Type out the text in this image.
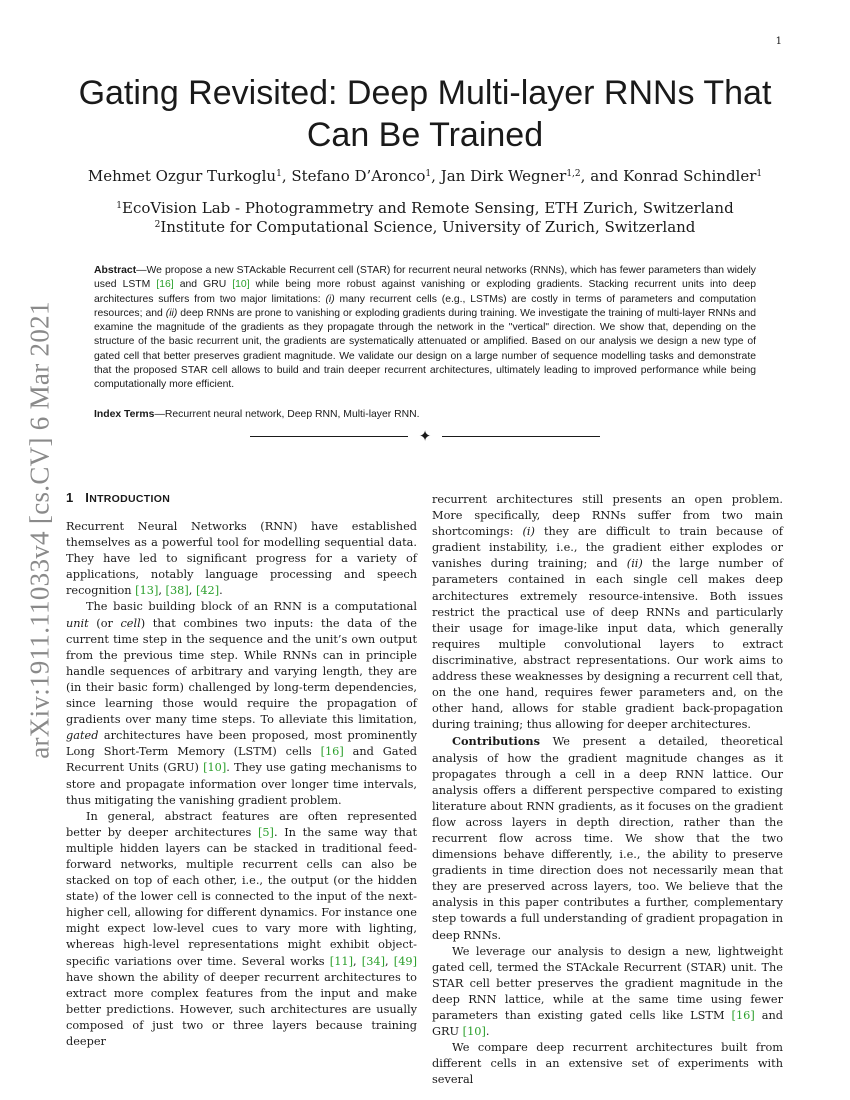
1
arXiv:1911.11033v4 [cs.CV] 6 Mar 2021
Gating Revisited: Deep Multi-layer RNNs That
Can Be Trained
Mehmet Ozgur Turkoglu$^1$, Stefano D’Aronco$^1$, Jan Dirk Wegner$^{1,2}$, and Konrad Schindler$^1$
$^1$EcoVision Lab - Photogrammetry and Remote Sensing, ETH Zurich, Switzerland
$^2$Institute for Computational Science, University of Zurich, Switzerland
Abstract—We propose a new STAckable Recurrent cell (STAR) for recurrent neural networks (RNNs), which has fewer parameters than widely used LSTM [16] and GRU [10] while being more robust against vanishing or exploding gradients. Stacking recurrent units into deep architectures suffers from two major limitations: (i) many recurrent cells (e.g., LSTMs) are costly in terms of parameters and computation resources; and (ii) deep RNNs are prone to vanishing or exploding gradients during training. We investigate the training of multi-layer RNNs and examine the magnitude of the gradients as they propagate through the network in the "vertical" direction. We show that, depending on the structure of the basic recurrent unit, the gradients are systematically attenuated or amplified. Based on our analysis we design a new type of gated cell that better preserves gradient magnitude. We validate our design on a large number of sequence modelling tasks and demonstrate that the proposed STAR cell allows to build and train deeper recurrent architectures, ultimately leading to improved performance while being computationally more efficient.
Index Terms—Recurrent neural network, Deep RNN, Multi-layer RNN.
✦
1 INTRODUCTION

Recurrent Neural Networks (RNN) have established themselves as a powerful tool for modelling sequential data. They have led to significant progress for a variety of applications, notably language processing and speech recognition [13], [38], [42].

The basic building block of an RNN is a computational unit (or cell) that combines two inputs: the data of the current time step in the sequence and the unit’s own output from the previous time step. While RNNs can in principle handle sequences of arbitrary and varying length, they are (in their basic form) challenged by long-term dependencies, since learning those would require the propagation of gradients over many time steps. To alleviate this limitation, gated architectures have been proposed, most prominently Long Short-Term Memory (LSTM) cells [16] and Gated Recurrent Units (GRU) [10]. They use gating mechanisms to store and propagate information over longer time intervals, thus mitigating the vanishing gradient problem.

In general, abstract features are often represented better by deeper architectures [5]. In the same way that multiple hidden layers can be stacked in traditional feed-forward networks, multiple recurrent cells can also be stacked on top of each other, i.e., the output (or the hidden state) of the lower cell is connected to the input of the next-higher cell, allowing for different dynamics. For instance one might expect low-level cues to vary more with lighting, whereas high-level representations might exhibit object-specific variations over time. Several works [11], [34], [49] have shown the ability of deeper recurrent architectures to extract more complex features from the input and make better predictions. However, such architectures are usually composed of just two or three layers because training deeper

recurrent architectures still presents an open problem. More specifically, deep RNNs suffer from two main shortcomings: (i) they are difficult to train because of gradient instability, i.e., the gradient either explodes or vanishes during training; and (ii) the large number of parameters contained in each single cell makes deep architectures extremely resource-intensive. Both issues restrict the practical use of deep RNNs and particularly their usage for image-like input data, which generally requires multiple convolutional layers to extract discriminative, abstract representations. Our work aims to address these weaknesses by designing a recurrent cell that, on the one hand, requires fewer parameters and, on the other hand, allows for stable gradient back-propagation during training; thus allowing for deeper architectures.

Contributions We present a detailed, theoretical analysis of how the gradient magnitude changes as it propagates through a cell in a deep RNN lattice. Our analysis offers a different perspective compared to existing literature about RNN gradients, as it focuses on the gradient flow across layers in depth direction, rather than the recurrent flow across time. We show that the two dimensions behave differently, i.e., the ability to preserve gradients in time direction does not necessarily mean that they are preserved across layers, too. We believe that the analysis in this paper contributes a further, complementary step towards a full understanding of gradient propagation in deep RNNs.

We leverage our analysis to design a new, lightweight gated cell, termed the STAckale Recurrent (STAR) unit. The STAR cell better preserves the gradient magnitude in the deep RNN lattice, while at the same time using fewer parameters than existing gated cells like LSTM [16] and GRU [10].

We compare deep recurrent architectures built from different cells in an extensive set of experiments with several
